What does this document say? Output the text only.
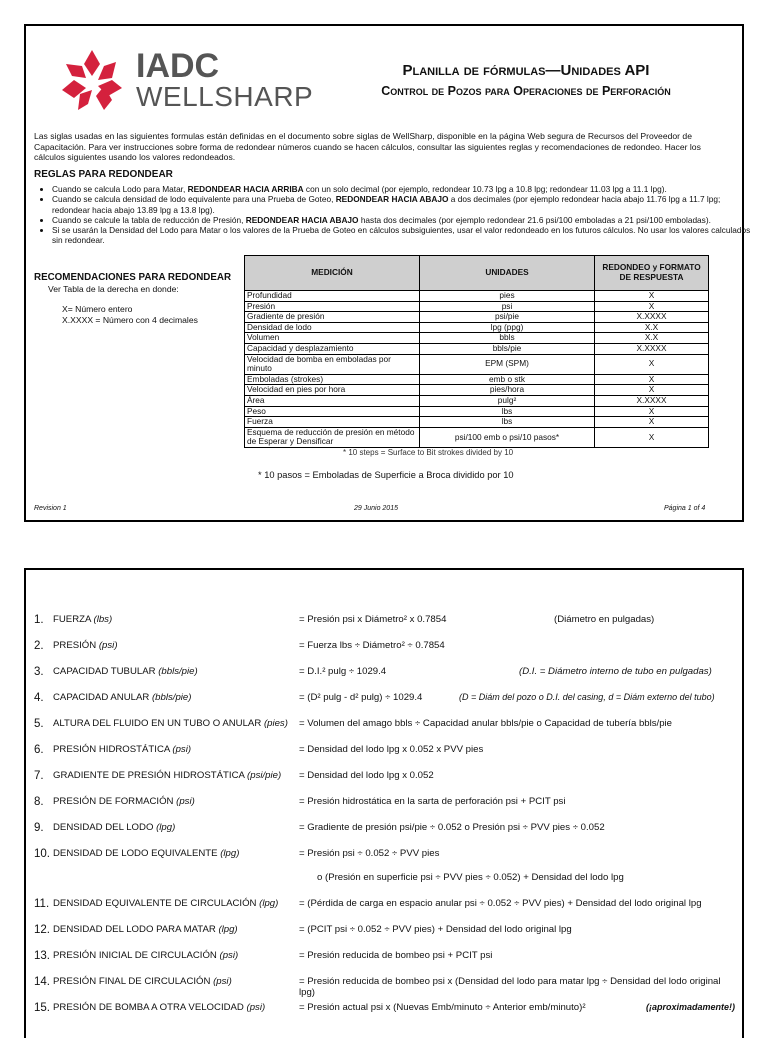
IADC
WELLSHARP
Planilla de fórmulas—Unidades API
Control de Pozos para Operaciones de Perforación
Las siglas usadas en las siguientes formulas están definidas en el documento sobre siglas de WellSharp, disponible en la página Web segura de Recursos del Proveedor de Capacitación. Para ver instrucciones sobre forma de redondear números cuando se hacen cálculos, consultar las siguientes reglas y recomendaciones de redondeo. Hacer los cálculos siguientes usando los valores redondeados.
REGLAS PARA REDONDEAR
• Cuando se calcula Lodo para Matar, REDONDEAR HACIA ARRIBA con un solo decimal (por ejemplo, redondear 10.73 lpg a 10.8 lpg; redondear 11.03 lpg a 11.1 lpg).
• Cuando se calcula densidad de lodo equivalente para una Prueba de Goteo, REDONDEAR HACIA ABAJO a dos decimales (por ejemplo redondear hacia abajo 11.76 lpg a 11.7 lpg; redondear hacia abajo 13.89 lpg a 13.8 lpg).
• Cuando se calcule la tabla de reducción de Presión, REDONDEAR HACIA ABAJO hasta dos decimales (por ejemplo redondear 21.6 psi/100 emboladas a 21 psi/100 emboladas).
• Si se usarán la Densidad del Lodo para Matar o los valores de la Prueba de Goteo en cálculos subsiguientes, usar el valor redondeado en los futuros cálculos. No usar los valores calculados sin redondear.
RECOMENDACIONES PARA REDONDEAR
Ver Tabla de la derecha en donde:
X= Número entero
X.XXXX = Número con 4 decimales
MEDICIÓN	UNIDADES	REDONDEO y FORMATO DE RESPUESTA
Profundidad	pies	X
Presión	psi	X
Gradiente de presión	psi/pie	X.XXXX
Densidad de lodo	lpg (ppg)	X.X
Volumen	bbls	X.X
Capacidad y desplazamiento	bbls/pie	X.XXXX
Velocidad de bomba en emboladas por minuto	EPM (SPM)	X
Emboladas (strokes)	emb o stk	X
Velocidad en pies por hora	pies/hora	X
Área	pulg²	X.XXXX
Peso	lbs	X
Fuerza	lbs	X
Esquema de reducción de presión en método de Esperar y Densificar	psi/100 emb o psi/10 pasos*	X
* 10 steps = Surface to Bit strokes divided by 10
* 10 pasos = Emboladas de Superficie a Broca dividido por 10
Revision 1	29 Junio 2015	Página 1 of 4
1. FUERZA (lbs)	= Presión psi x Diámetro² x 0.7854	(Diámetro en pulgadas)
2. PRESIÓN (psi)	= Fuerza lbs ÷ Diámetro² ÷ 0.7854
3. CAPACIDAD TUBULAR (bbls/pie)	= D.I.² pulg ÷ 1029.4	(D.I. = Diámetro interno de tubo en pulgadas)
4. CAPACIDAD ANULAR (bbls/pie)	= (D² pulg - d² pulg) ÷ 1029.4	(D = Diám del pozo o D.I. del casing, d = Diám externo del tubo)
5. ALTURA DEL FLUIDO EN UN TUBO O ANULAR (pies) = Volumen del amago bbls ÷ Capacidad anular bbls/pie o Capacidad de tubería bbls/pie
6. PRESIÓN HIDROSTÁTICA (psi)	= Densidad del lodo lpg x 0.052 x PVV pies
7. GRADIENTE DE PRESIÓN HIDROSTÁTICA (psi/pie) = Densidad del lodo lpg x 0.052
8. PRESIÓN DE FORMACIÓN (psi)	= Presión hidrostática en la sarta de perforación psi + PCIT psi
9. DENSIDAD DEL LODO (lpg)	= Gradiente de presión psi/pie ÷ 0.052 o Presión psi ÷ PVV pies ÷ 0.052
10. DENSIDAD DE LODO EQUIVALENTE (lpg)	= Presión psi ÷ 0.052 ÷ PVV pies
o (Presión en superficie psi ÷ PVV pies ÷ 0.052) + Densidad del lodo lpg
11. DENSIDAD EQUIVALENTE DE CIRCULACIÓN (lpg) = (Pérdida de carga en espacio anular psi ÷ 0.052 ÷ PVV pies) + Densidad del lodo original lpg
12. DENSIDAD DEL LODO PARA MATAR (lpg)	= (PCIT psi ÷ 0.052 ÷ PVV pies) + Densidad del lodo original lpg
13. PRESIÓN INICIAL DE CIRCULACIÓN (psi)	= Presión reducida de bombeo psi + PCIT psi
14. PRESIÓN FINAL DE CIRCULACIÓN (psi)	= Presión reducida de bombeo psi x (Densidad del lodo para matar lpg ÷ Densidad del lodo original lpg)
15. PRESIÓN DE BOMBA A OTRA VELOCIDAD (psi)	= Presión actual psi x (Nuevas Emb/minuto ÷ Anterior emb/minuto)²	(¡aproximadamente!)
